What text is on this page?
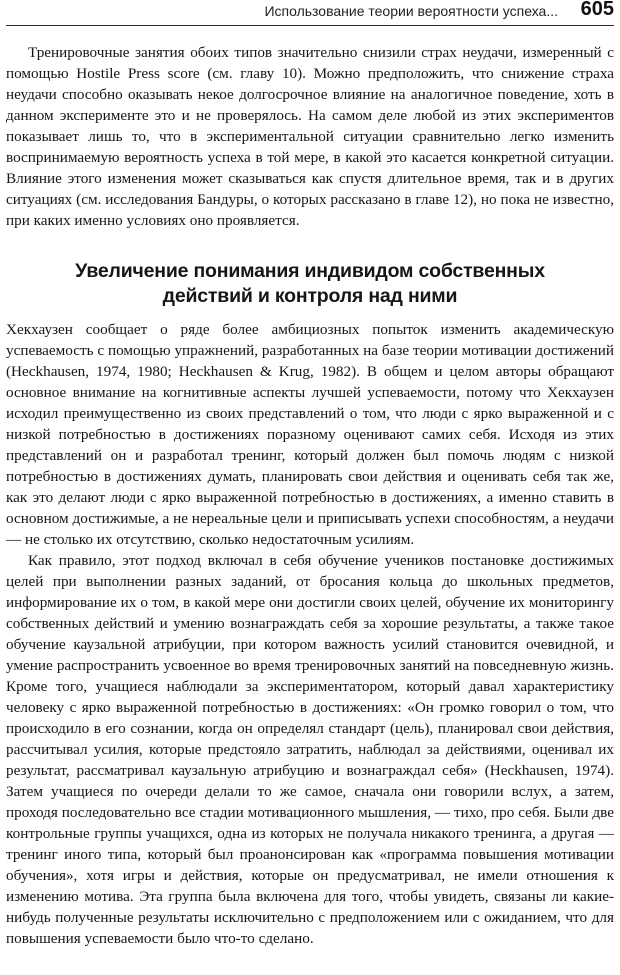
Использование теории вероятности успеха... 605

Тренировочные занятия обоих типов значительно снизили страх неудачи, измеренный с помощью Hostile Press score (см. главу 10). Можно предположить, что снижение страха неудачи способно оказывать некое долгосрочное влияние на аналогичное поведение, хоть в данном эксперименте это и не проверялось. На самом деле любой из этих экспериментов показывает лишь то, что в экспериментальной ситуации сравнительно легко изменить воспринимаемую вероятность успеха в той мере, в какой это касается конкретной ситуации. Влияние этого изменения может сказываться как спустя длительное время, так и в других ситуациях (см. исследования Бандуры, о которых рассказано в главе 12), но пока не известно, при каких именно условиях оно проявляется.

Увеличение понимания индивидом собственных
действий и контроля над ними

Хекхаузен сообщает о ряде более амбициозных попыток изменить академическую успеваемость с помощью упражнений, разработанных на базе теории мотивации достижений (Heckhausen, 1974, 1980; Heckhausen & Krug, 1982). В общем и целом авторы обращают основное внимание на когнитивные аспекты лучшей успеваемости, потому что Хекхаузен исходил преимущественно из своих представлений о том, что люди с ярко выраженной и с низкой потребностью в достижениях поразному оценивают самих себя. Исходя из этих представлений он и разработал тренинг, который должен был помочь людям с низкой потребностью в достижениях думать, планировать свои действия и оценивать себя так же, как это делают люди с ярко выраженной потребностью в достижениях, а именно ставить в основном достижимые, а не нереальные цели и приписывать успехи способностям, а неудачи — не столько их отсутствию, сколько недостаточным усилиям.

Как правило, этот подход включал в себя обучение учеников постановке достижимых целей при выполнении разных заданий, от бросания кольца до школьных предметов, информирование их о том, в какой мере они достигли своих целей, обучение их мониторингу собственных действий и умению вознаграждать себя за хорошие результаты, а также такое обучение каузальной атрибуции, при котором важность усилий становится очевидной, и умение распространить усвоенное во время тренировочных занятий на повседневную жизнь. Кроме того, учащиеся наблюдали за экспериментатором, который давал характеристику человеку с ярко выраженной потребностью в достижениях: «Он громко говорил о том, что происходило в его сознании, когда он определял стандарт (цель), планировал свои действия, рассчитывал усилия, которые предстояло затратить, наблюдал за действиями, оценивал их результат, рассматривал каузальную атрибуцию и вознаграждал себя» (Heckhausen, 1974). Затем учащиеся по очереди делали то же самое, сначала они говорили вслух, а затем, проходя последовательно все стадии мотивационного мышления, — тихо, про себя. Были две контрольные группы учащихся, одна из которых не получала никакого тренинга, а другая — тренинг иного типа, который был проанонсирован как «программа повышения мотивации обучения», хотя игры и действия, которые он предусматривал, не имели отношения к изменению мотива. Эта группа была включена для того, чтобы увидеть, связаны ли какие-нибудь полученные результаты исключительно с предположением или с ожиданием, что для повышения успеваемости было что-то сделано.
